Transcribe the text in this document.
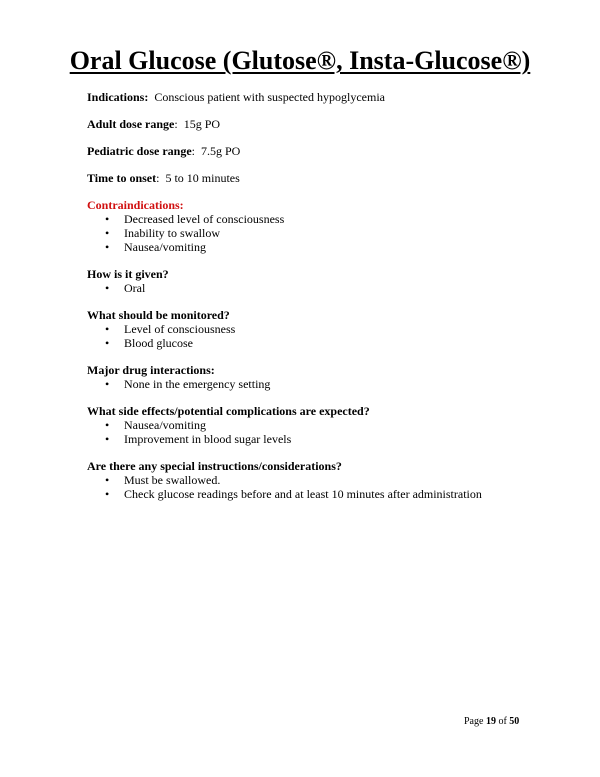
Oral Glucose (Glutose®, Insta-Glucose®)
Indications: Conscious patient with suspected hypoglycemia
Adult dose range:  15g PO
Pediatric dose range:  7.5g PO
Time to onset:  5 to 10 minutes
Contraindications:
• Decreased level of consciousness
• Inability to swallow
• Nausea/vomiting
How is it given?
• Oral
What should be monitored?
• Level of consciousness
• Blood glucose
Major drug interactions:
• None in the emergency setting
What side effects/potential complications are expected?
• Nausea/vomiting
• Improvement in blood sugar levels
Are there any special instructions/considerations?
• Must be swallowed.
• Check glucose readings before and at least 10 minutes after administration
Page 19 of 50
